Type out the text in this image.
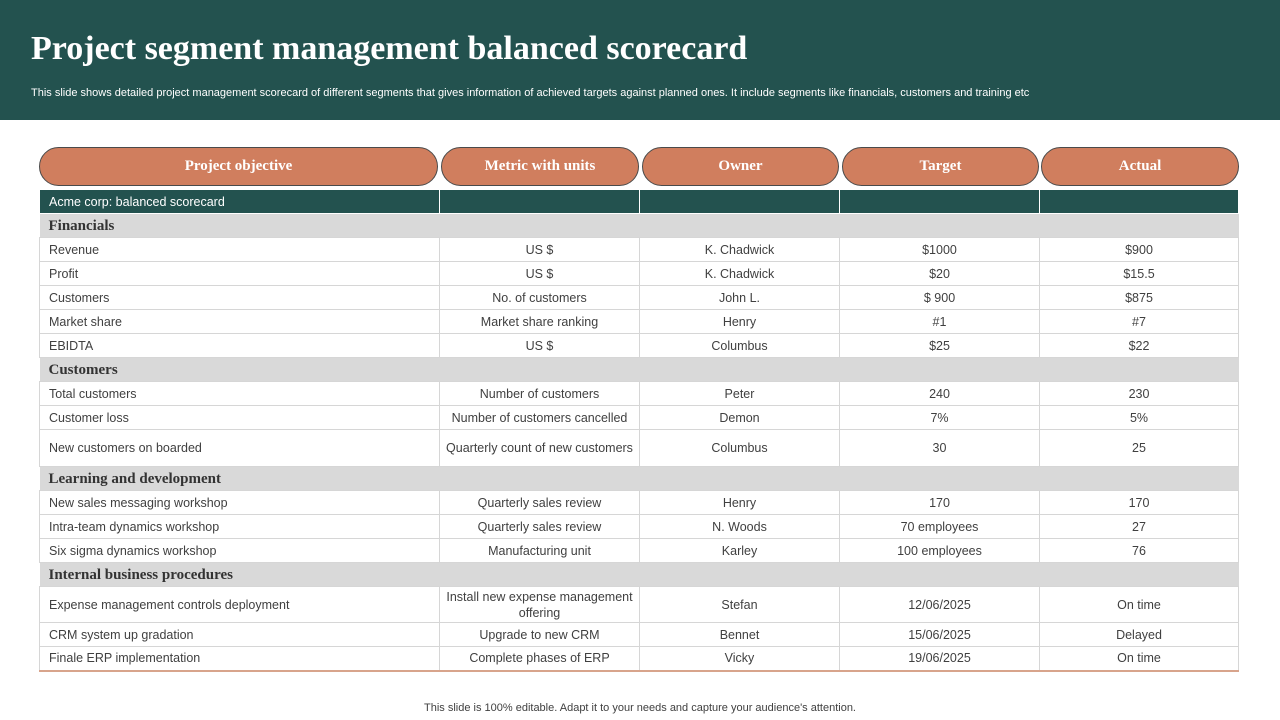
Project segment management balanced scorecard
This slide shows detailed project management scorecard of different segments that gives information of achieved targets against planned ones. It include segments like financials, customers and training etc
Project objective	Metric with units	Owner	Target	Actual
Acme corp: balanced scorecard				
Financials				
Revenue	US $	K. Chadwick	$1000	$900
Profit	US $	K. Chadwick	$20	$15.5
Customers	No. of customers	John L.	$ 900	$875
Market share	Market share ranking	Henry	#1	#7
EBIDTA	US $	Columbus	$25	$22
Customers				
Total customers	Number of customers	Peter	240	230
Customer loss	Number of customers cancelled	Demon	7%	5%
New customers on boarded	Quarterly count of new customers	Columbus	30	25
Learning and development				
New sales messaging workshop	Quarterly sales review	Henry	170	170
Intra-team dynamics workshop	Quarterly sales review	N. Woods	70 employees	27
Six sigma dynamics workshop	Manufacturing unit	Karley	100 employees	76
Internal business procedures				
Expense management controls deployment	Install new expense management offering	Stefan	12/06/2025	On time
CRM system up gradation	Upgrade to new CRM	Bennet	15/06/2025	Delayed
Finale ERP implementation	Complete phases of ERP	Vicky	19/06/2025	On time
This slide is 100% editable. Adapt it to your needs and capture your audience's attention.
